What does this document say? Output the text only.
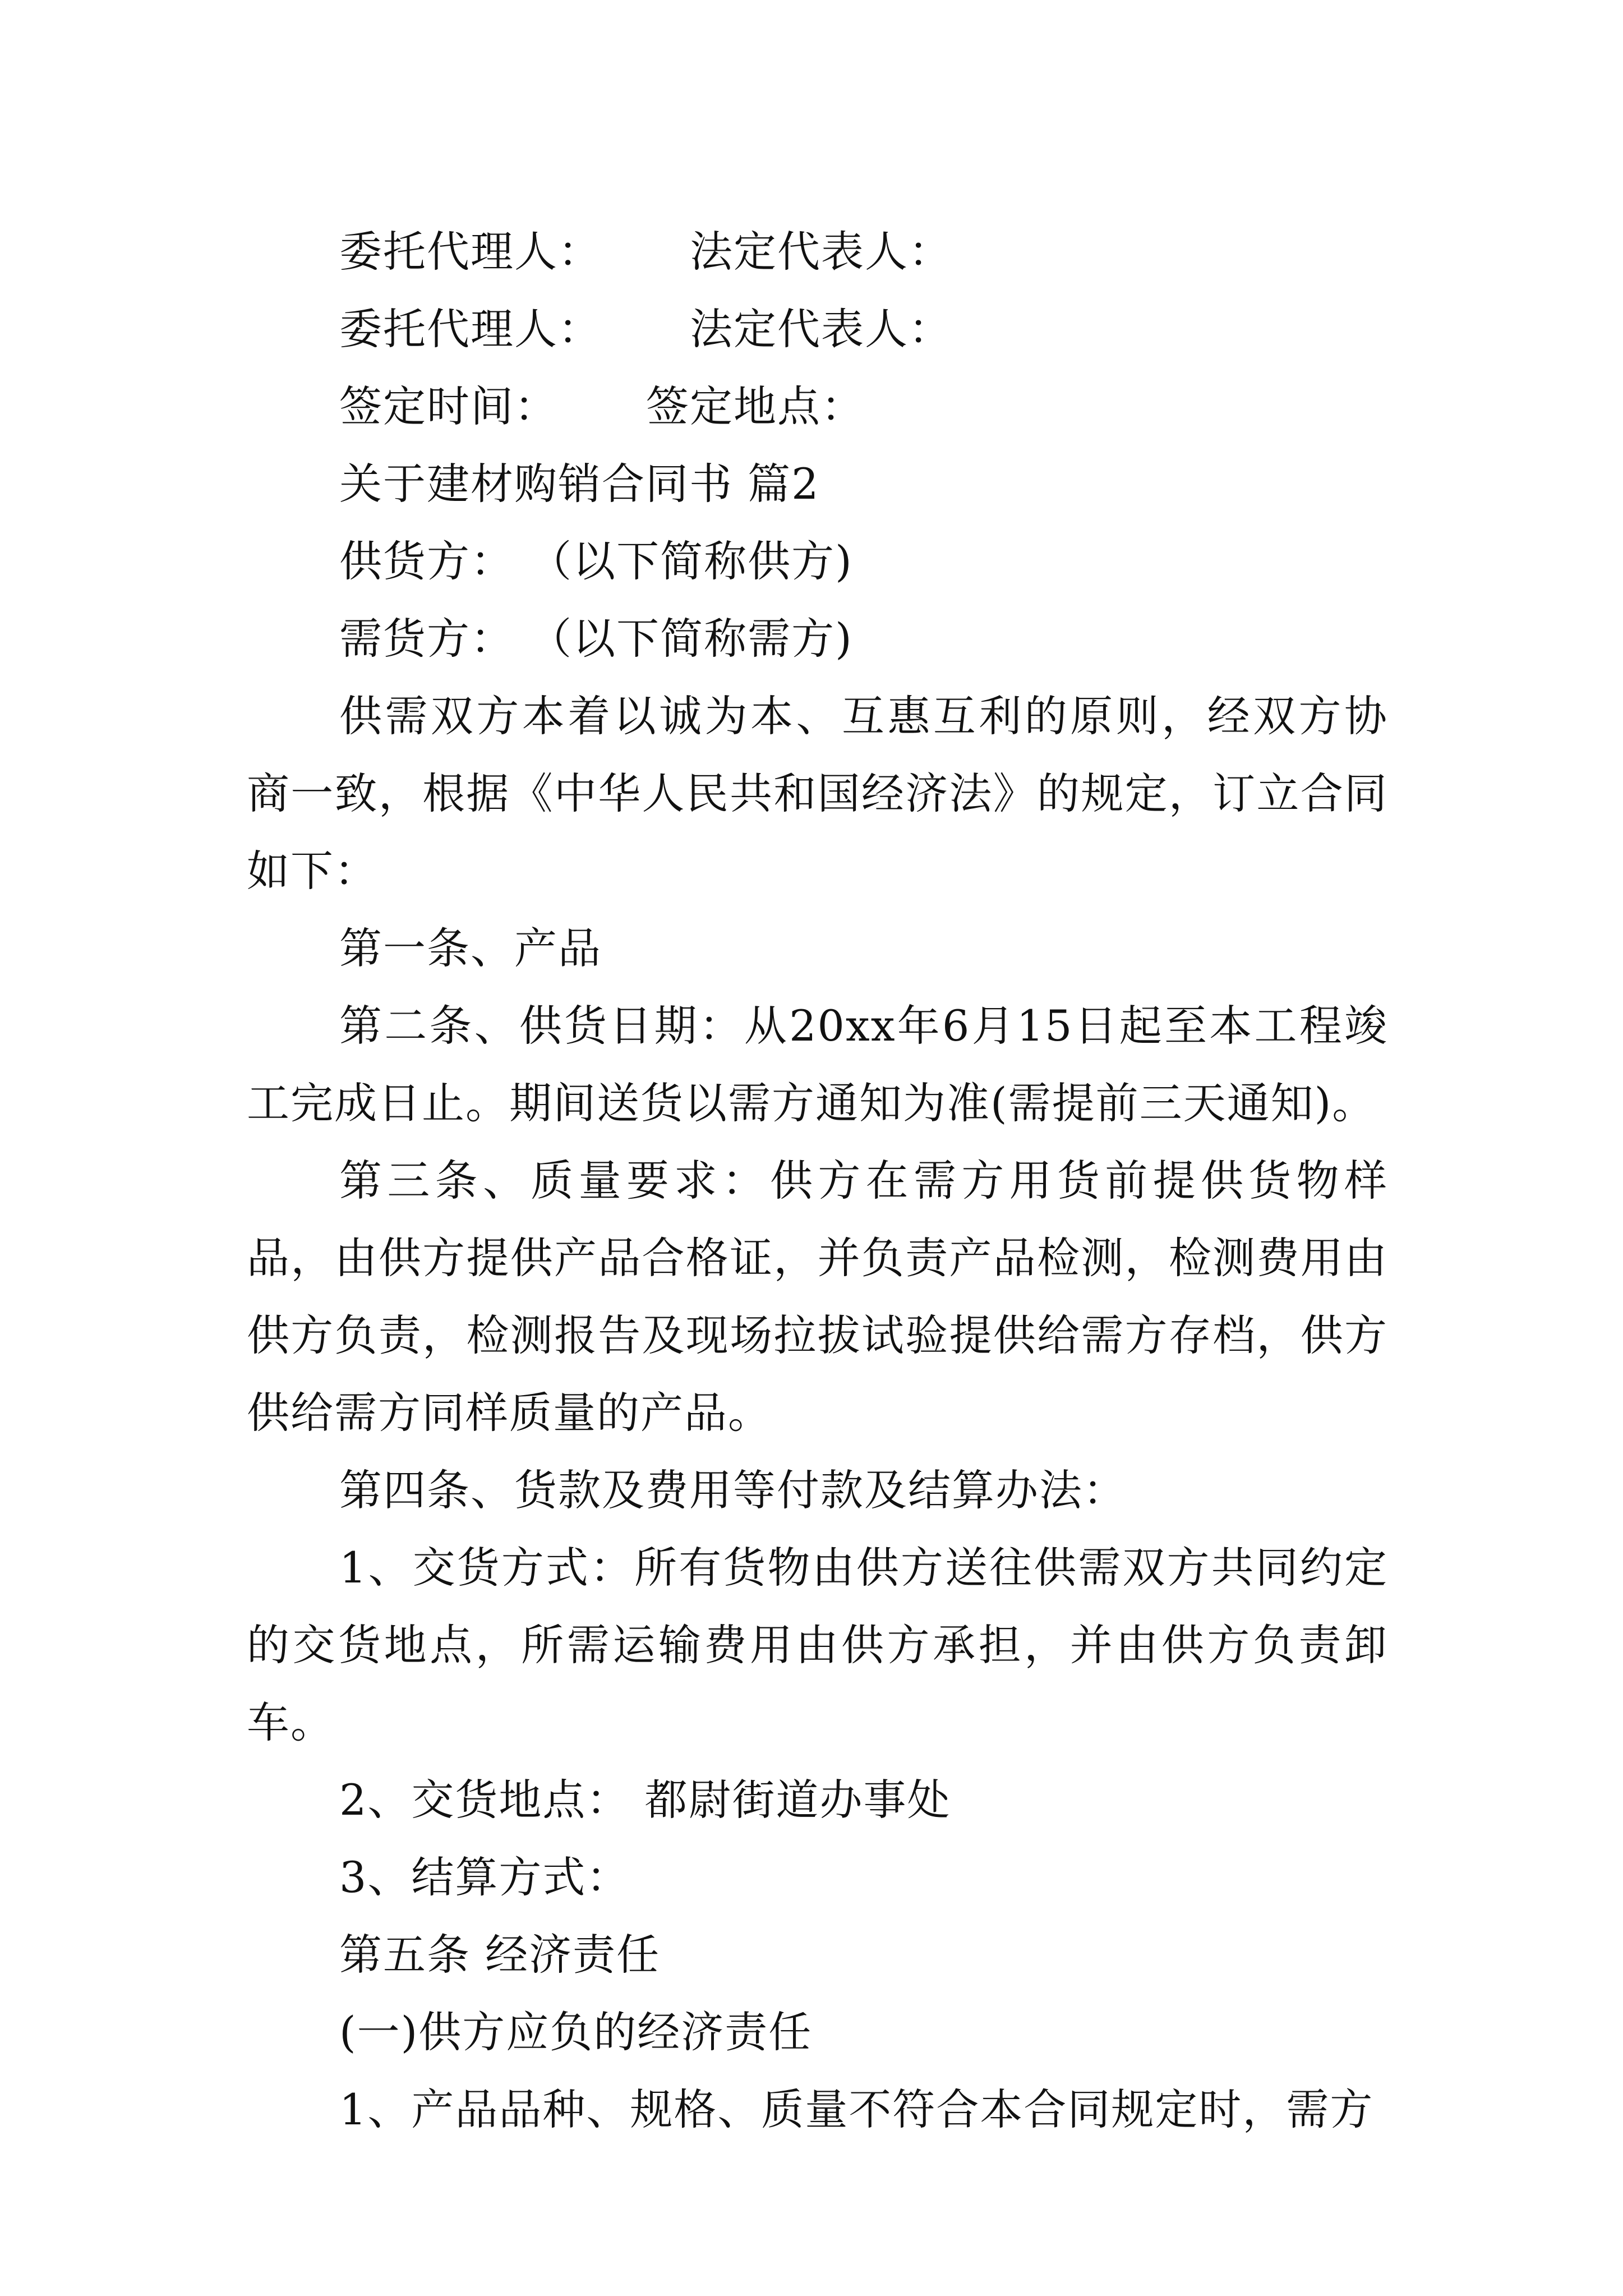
委托代理人：      法定代表人：
委托代理人：      法定代表人：
签定时间：      签定地点：
关于建材购销合同书 篇2
供货方： （以下简称供方)
需货方： （以下简称需方)

供需双方本着以诚为本、互惠互利的原则，经双方协商一致，根据《中华人民共和国经济法》的规定，订立合同如下：

第一条、产品

第二条、供货日期：从20xx年6月15日起至本工程竣工完成日止。期间送货以需方通知为准(需提前三天通知)。

第三条、质量要求：供方在需方用货前提供货物样品，由供方提供产品合格证，并负责产品检测，检测费用由供方负责，检测报告及现场拉拔试验提供给需方存档，供方供给需方同样质量的产品。

第四条、货款及费用等付款及结算办法：

1、交货方式：所有货物由供方送往供需双方共同约定的交货地点，所需运输费用由供方承担，并由供方负责卸车。

2、交货地点： 都尉街道办事处

3、结算方式：

第五条 经济责任

(一)供方应负的经济责任

1、产品品种、规格、质量不符合本合同规定时，需方
